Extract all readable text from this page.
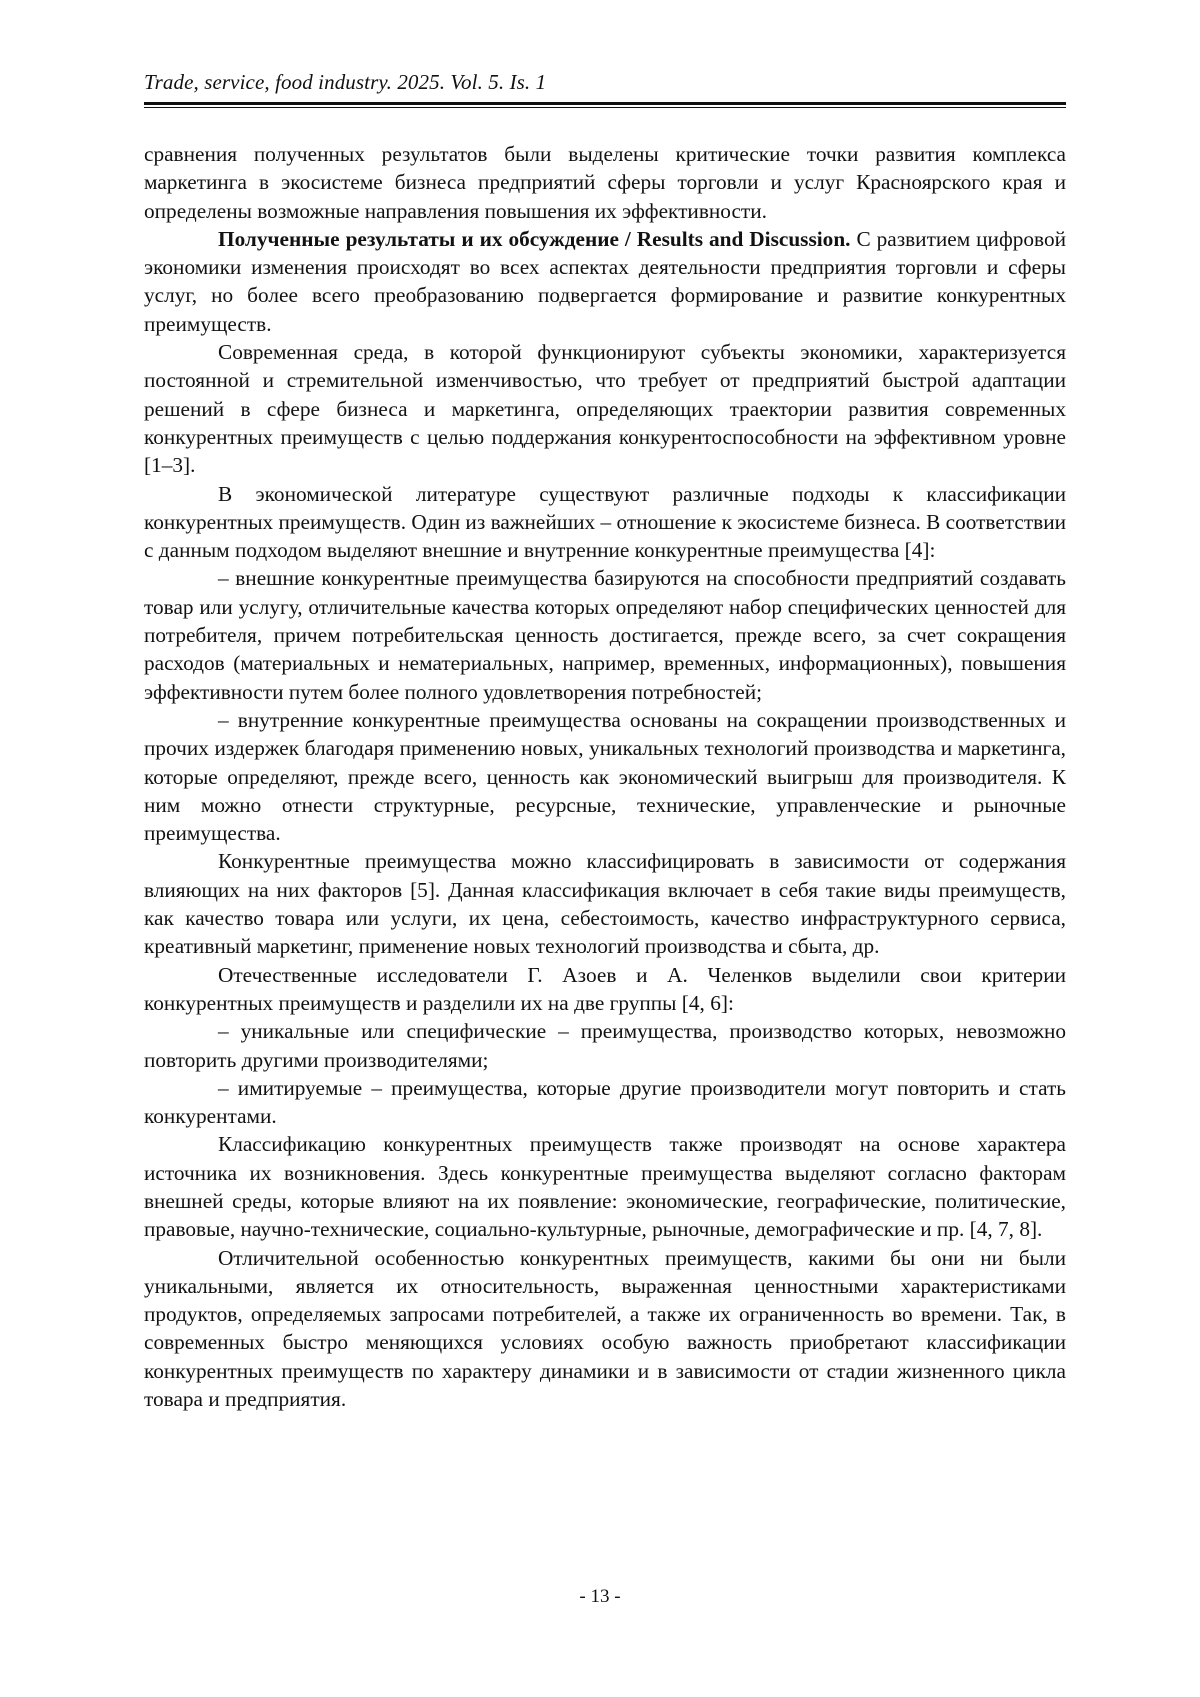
Trade, service, food industry. 2025. Vol. 5. Is. 1

сравнения полученных результатов были выделены критические точки развития комплекса маркетинга в экосистеме бизнеса предприятий сферы торговли и услуг Красноярского края и определены возможные направления повышения их эффективности.

Полученные результаты и их обсуждение / Results and Discussion. С развитием цифровой экономики изменения происходят во всех аспектах деятельности предприятия торговли и сферы услуг, но более всего преобразованию подвергается формирование и развитие конкурентных преимуществ.

Современная среда, в которой функционируют субъекты экономики, характеризуется постоянной и стремительной изменчивостью, что требует от предприятий быстрой адаптации решений в сфере бизнеса и маркетинга, определяющих траектории развития современных конкурентных преимуществ с целью поддержания конкурентоспособности на эффективном уровне [1–3].

В экономической литературе существуют различные подходы к классификации конкурентных преимуществ. Один из важнейших – отношение к экосистеме бизнеса. В соответствии с данным подходом выделяют внешние и внутренние конкурентные преимущества [4]:

– внешние конкурентные преимущества базируются на способности предприятий создавать товар или услугу, отличительные качества которых определяют набор специфических ценностей для потребителя, причем потребительская ценность достигается, прежде всего, за счет сокращения расходов (материальных и нематериальных, например, временных, информационных), повышения эффективности путем более полного удовлетворения потребностей;

– внутренние конкурентные преимущества основаны на сокращении производственных и прочих издержек благодаря применению новых, уникальных технологий производства и маркетинга, которые определяют, прежде всего, ценность как экономический выигрыш для производителя. К ним можно отнести структурные, ресурсные, технические, управленческие и рыночные преимущества.

Конкурентные преимущества можно классифицировать в зависимости от содержания влияющих на них факторов [5]. Данная классификация включает в себя такие виды преимуществ, как качество товара или услуги, их цена, себестоимость, качество инфраструктурного сервиса, креативный маркетинг, применение новых технологий производства и сбыта, др.

Отечественные исследователи Г. Азоев и А. Челенков выделили свои критерии конкурентных преимуществ и разделили их на две группы [4, 6]:

– уникальные или специфические – преимущества, производство которых, невозможно повторить другими производителями;

– имитируемые – преимущества, которые другие производители могут повторить и стать конкурентами.

Классификацию конкурентных преимуществ также производят на основе характера источника их возникновения. Здесь конкурентные преимущества выделяют согласно факторам внешней среды, которые влияют на их появление: экономические, географические, политические, правовые, научно-технические, социально-культурные, рыночные, демографические и пр. [4, 7, 8].

Отличительной особенностью конкурентных преимуществ, какими бы они ни были уникальными, является их относительность, выраженная ценностными характеристиками продуктов, определяемых запросами потребителей, а также их ограниченность во времени. Так, в современных быстро меняющихся условиях особую важность приобретают классификации конкурентных преимуществ по характеру динамики и в зависимости от стадии жизненного цикла товара и предприятия.

- 13 -
